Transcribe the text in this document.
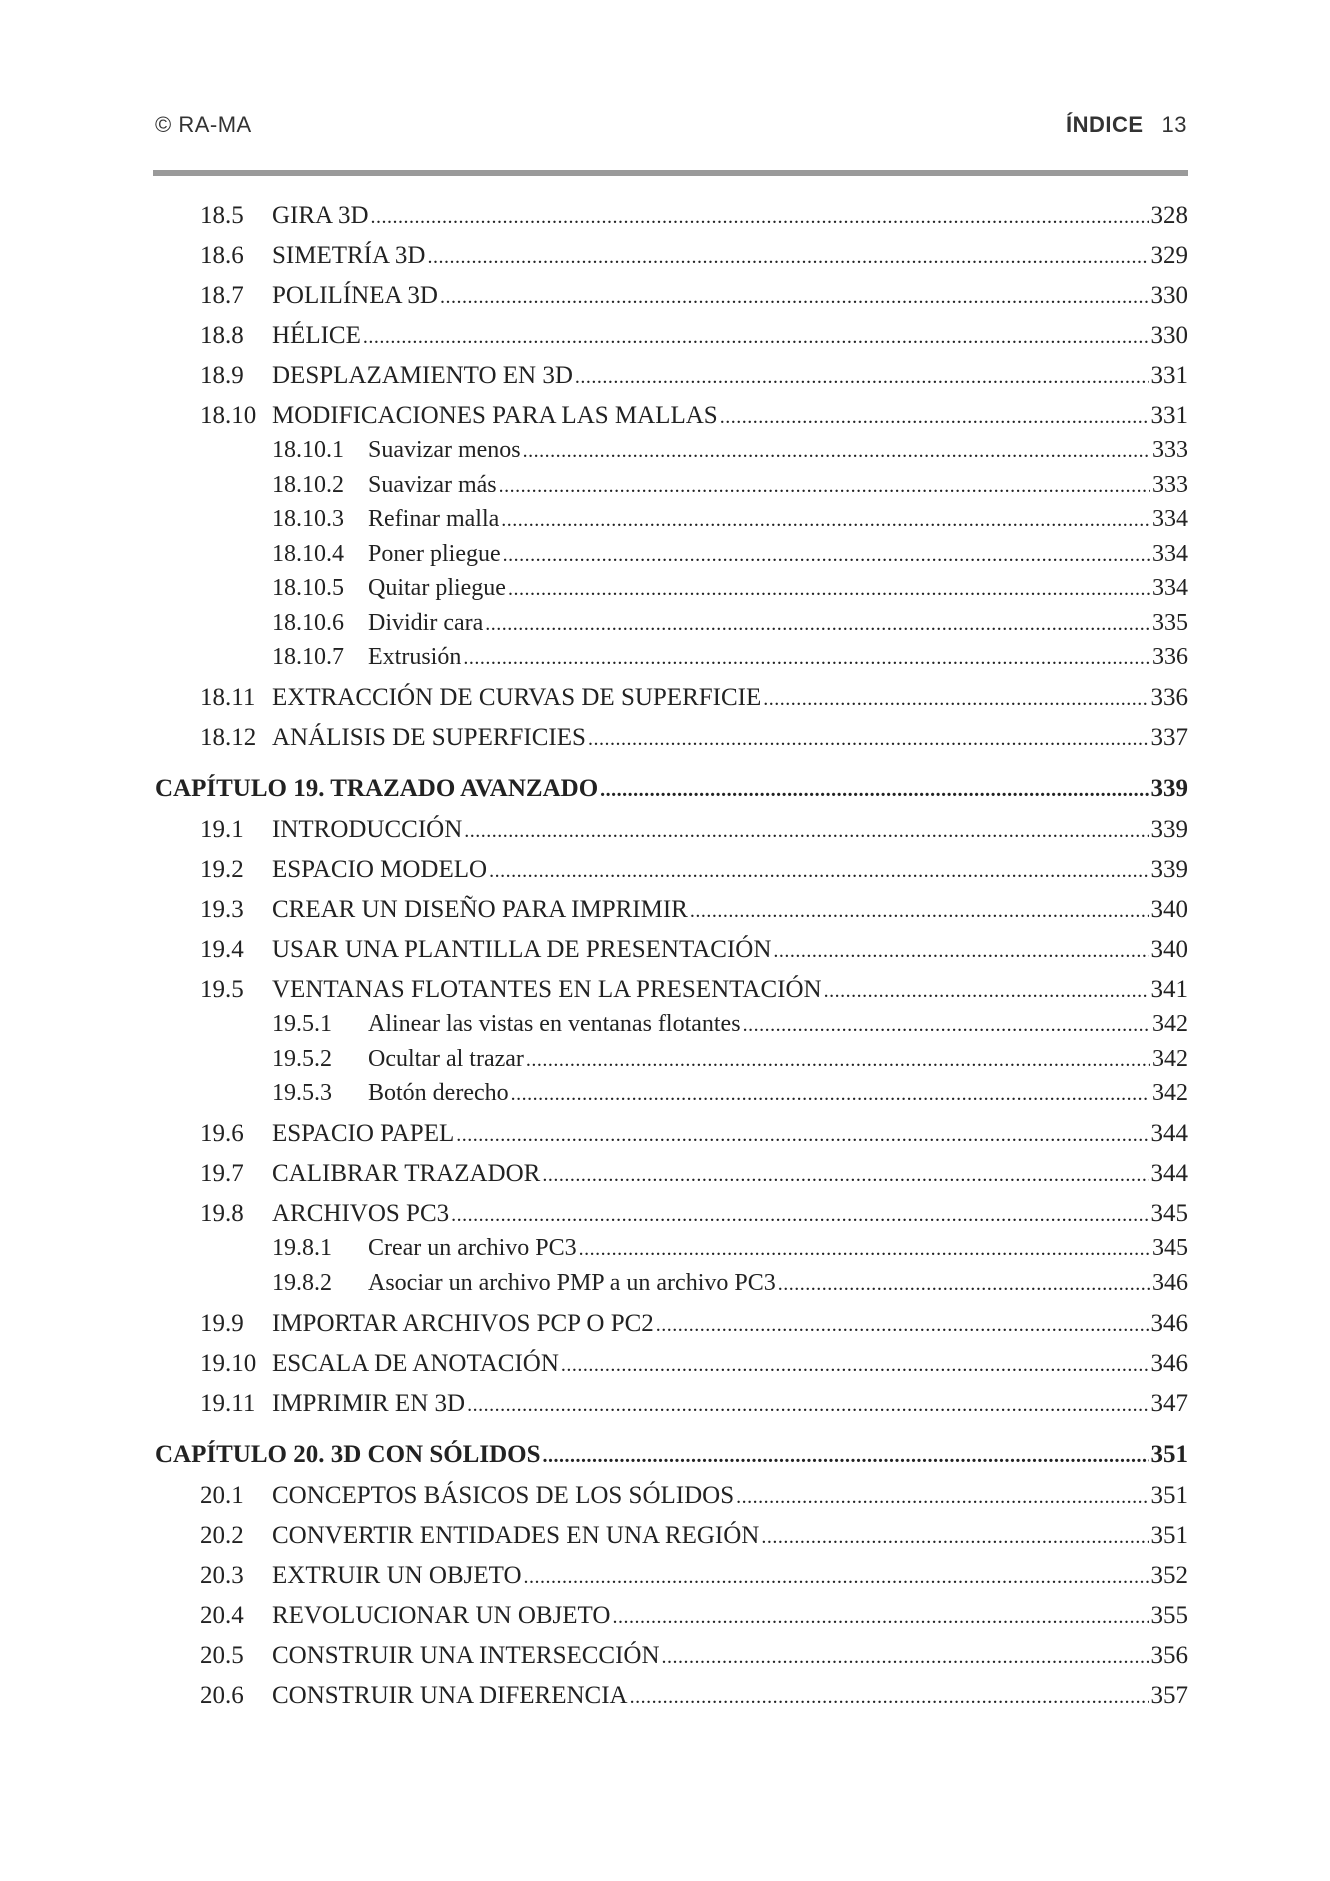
© RA-MA	ÍNDICE 13
18.5	GIRA 3D .....	328
18.6	SIMETRÍA 3D .....	329
18.7	POLILÍNEA 3D .....	330
18.8	HÉLICE .....	330
18.9	DESPLAZAMIENTO EN 3D .....	331
18.10 MODIFICACIONES PARA LAS MALLAS .....	331
18.10.1	Suavizar menos .....	333
18.10.2	Suavizar más .....	333
18.10.3	Refinar malla .....	334
18.10.4	Poner pliegue .....	334
18.10.5	Quitar pliegue .....	334
18.10.6	Dividir cara .....	335
18.10.7	Extrusión .....	336
18.11 EXTRACCIÓN DE CURVAS DE SUPERFICIE .....	336
18.12 ANÁLISIS DE SUPERFICIES .....	337
CAPÍTULO 19. TRAZADO AVANZADO .....	339
19.1	INTRODUCCIÓN .....	339
19.2	ESPACIO MODELO .....	339
19.3	CREAR UN DISEÑO PARA IMPRIMIR .....	340
19.4	USAR UNA PLANTILLA DE PRESENTACIÓN .....	340
19.5	VENTANAS FLOTANTES EN LA PRESENTACIÓN .....	341
19.5.1	Alinear las vistas en ventanas flotantes .....	342
19.5.2	Ocultar al trazar .....	342
19.5.3	Botón derecho .....	342
19.6	ESPACIO PAPEL .....	344
19.7	CALIBRAR TRAZADOR .....	344
19.8	ARCHIVOS PC3 .....	345
19.8.1	Crear un archivo PC3 .....	345
19.8.2	Asociar un archivo PMP a un archivo PC3 .....	346
19.9	IMPORTAR ARCHIVOS PCP O PC2 .....	346
19.10 ESCALA DE ANOTACIÓN .....	346
19.11 IMPRIMIR EN 3D .....	347
CAPÍTULO 20. 3D CON SÓLIDOS .....	351
20.1	CONCEPTOS BÁSICOS DE LOS SÓLIDOS .....	351
20.2	CONVERTIR ENTIDADES EN UNA REGIÓN .....	351
20.3	EXTRUIR UN OBJETO .....	352
20.4	REVOLUCIONAR UN OBJETO .....	355
20.5	CONSTRUIR UNA INTERSECCIÓN .....	356
20.6	CONSTRUIR UNA DIFERENCIA .....	357
